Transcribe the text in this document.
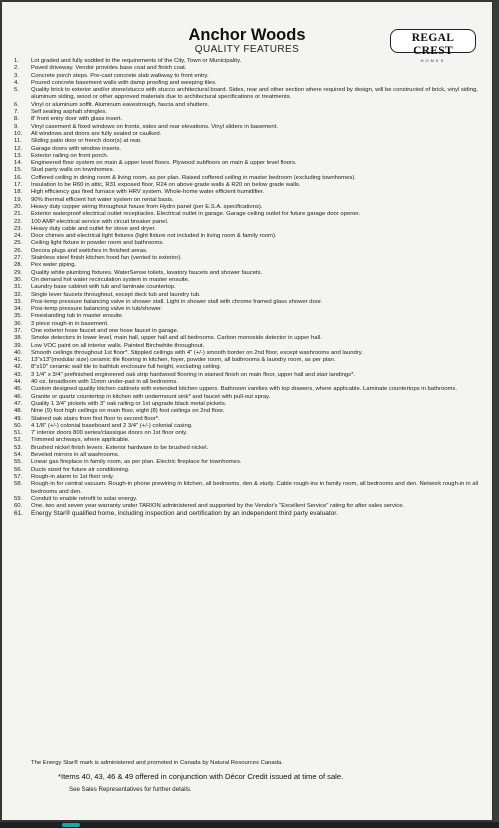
Anchor Woods
QUALITY FEATURES
REGAL CREST
HOMES
1.	Lot graded and fully sodded to the requirements of the City, Town or Municipality.
2.	Paved driveway. Vendor provides base coat and finish coat.
3.	Concrete porch steps. Pre-cast concrete slab walkway to front entry.
4.	Poured concrete basement walls with damp proofing and weeping tiles.
5.	Quality brick to exterior and/or stone/stucco with stucco architectural board. Sides, rear and other section where required by design, will be constructed of brick, vinyl siding, aluminum siding, wood or other approved materials due to architectural specifications or treatments.
6.	Vinyl or aluminum soffit. Aluminum eavestrough, fascia and shutters.
7.	Self sealing asphalt shingles.
8.	8' front entry door with glass insert.
9.	Vinyl casement & fixed windows on fronts, sides and rear elevations. Vinyl sliders in basement.
10.	All windows and doors are fully sealed or caulked.
11.	Sliding patio door or french door(s) at rear.
12.	Garage doors with window inserts.
13.	Exterior railing on front porch.
14.	Engineered floor system on main & upper level floors. Plywood subfloors on main & upper level floors.
15.	Stud party walls on townhomes.
16.	Coffered ceiling in dining room & living room, as per plan. Raised coffered ceiling in master bedroom (excluding townhomes).
17.	Insulation to be R60 in attic, R31 exposed floor, R24 on above grade walls & R20 on below grade walls.
18.	High efficiency gas fired furnace with HRV system. Whole-home water efficient humidifier.
19.	90% thermal efficient hot water system on rental basis.
20.	Heavy duty copper wiring throughout house from Hydro panel (per E.S.A. specifications).
21.	Exterior waterproof electrical outlet receptacles. Electrical outlet in garage. Garage ceiling outlet for future garage door opener.
22.	100 AMP electrical service with circuit breaker panel.
23.	Heavy duty cable and outlet for stove and dryer.
24.	Door chimes and electrical light fixtures (light fixture not included in living room & family room).
25.	Ceiling light fixture in powder room and bathrooms.
26.	Decora plugs and switches in finished areas.
27.	Stainless steel finish kitchen hood fan (vented to exterior).
28.	Pex water piping.
29.	Quality white plumbing fixtures. WaterSense toilets, lavatory faucets and shower faucets.
30.	On demand hot water recirculation system in master ensuite.
31.	Laundry base cabinet with tub and laminate countertop.
32.	Single lever faucets throughout, except deck tub and laundry tub.
33.	Posi-temp pressure balancing valve in shower stall. Light in shower stall with chrome framed glass shower door.
34.	Posi-temp pressure balancing valve in tub/shower.
35.	Freestanding tub in master ensuite.
36.	3 piece rough-in in basement.
37.	One exterior hose faucet and one hose faucet in garage.
38.	Smoke detectors in lower level, main hall, upper hall and all bedrooms. Carbon monoxide detector in upper hall.
39.	Low VOC paint on all interior walls. Painted Birchwhite throughout.
40.	Smooth ceilings throughout 1st floor*. Stippled ceilings with 4" (+/-) smooth border on 2nd floor, except washrooms and laundry.
41.	13"x13"(modular size) ceramic tile flooring in kitchen, foyer, powder room, all bathrooms & laundry room, as per plan.
42.	8"x10" ceramic wall tile to bathtub enclosure full height, excluding ceiling.
43.	3 1/4" x 3/4" prefinished engineered oak strip hardwood flooring in stained finish on main floor, upper hall and stair landings*.
44.	40 oz. broadloom with 11mm under-pad in all bedrooms.
45.	Custom designed quality kitchen cabinets with extended kitchen uppers. Bathroom vanities with top drawers, where applicable. Laminate countertops in bathrooms.
46.	Granite or quartz countertop in kitchen with undermount sink* and faucet with pull-out spray.
47.	Quality 1 3/4" pickets with 3" oak railing or 1st upgrade black metal pickets.
48.	Nine (9) foot high ceilings on main floor, eight (8) foot ceilings on 2nd floor.
49.	Stained oak stairs from first floor to second floor*.
50.	4 1/8" (+/-) colonial baseboard and 2 3/4" (+/-) colonial casing.
51.	7' interior doors 800 series/classique doors on 1st floor only.
52.	Trimmed archways, where applicable.
53.	Brushed nickel finish levers. Exterior hardware to be brushed nickel.
54.	Beveled mirrors in all washrooms.
55.	Linear gas fireplace in family room, as per plan. Electric fireplace for townhomes.
56.	Ducts sized for future air conditioning.
57.	Rough-in alarm to 1st floor only.
58.	Rough-in for central vacuum. Rough-in phone prewiring in kitchen, all bedrooms, den & study. Cable rough-ins in family room, all bedrooms and den. Network rough-in in all bedrooms and den.
59.	Conduit to enable retrofit to solar energy.
60.	One, two and seven year warranty under TARION administered and supported by the Vendor's "Excellent Service" rating for after sales service.
61.	Energy Star® qualified home, including inspection and certification by an independent third party evaluator.
The Energy Star® mark is administered and promoted in Canada by Natural Resources Canada.
*Items 40, 43, 46 & 49 offered in conjunction with Décor Credit issued at time of sale.
See Sales Representatives for further details.
